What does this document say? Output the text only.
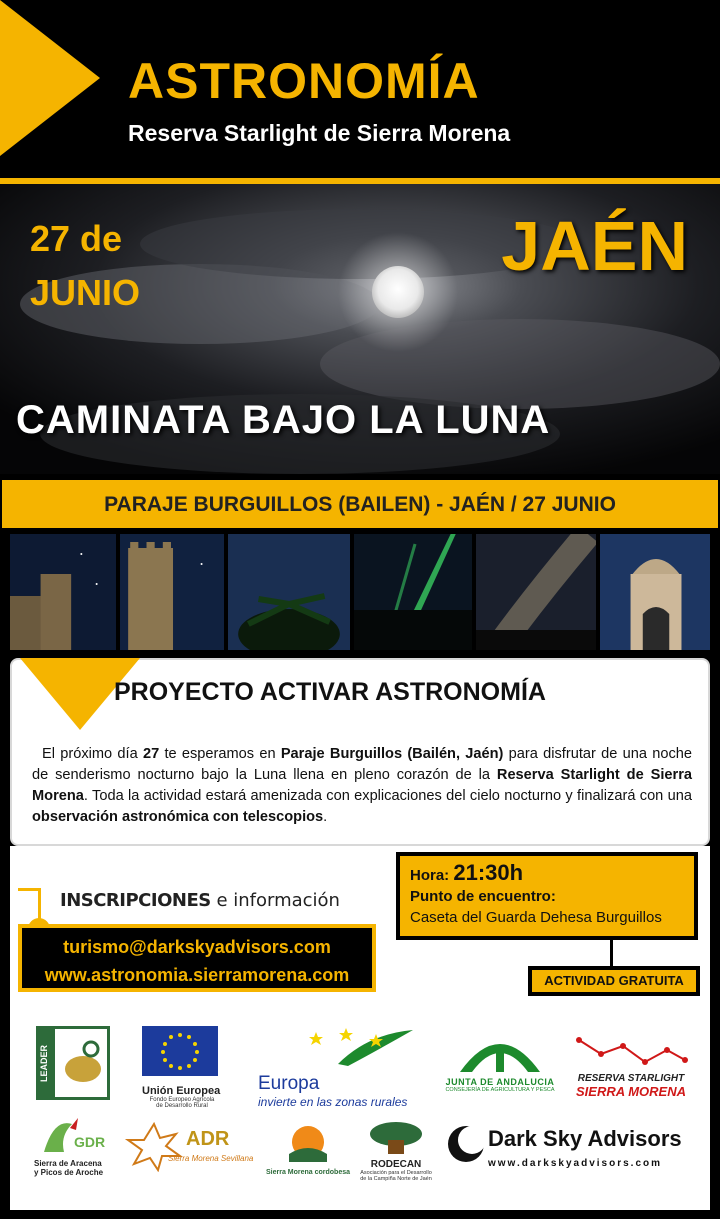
ASTRONOMÍA
Reserva Starlight de Sierra Morena
27 de
JUNIO
JAÉN
CAMINATA BAJO LA LUNA
PARAJE BURGUILLOS (BAILEN) - JAÉN / 27 JUNIO
PROYECTO ACTIVAR ASTRONOMÍA
El próximo día 27 te esperamos en Paraje Burguillos (Bailén, Jaén) para disfrutar de una noche de senderismo nocturno bajo la Luna llena en pleno corazón de la Reserva Starlight de Sierra Morena. Toda la actividad estará amenizada con explicaciones del cielo nocturno y finalizará con una observación astronómica con telescopios.
INSCRIPCIONES e información
turismo@darkskyadvisors.com
www.astronomia.sierramorena.com
Hora: 21:30h
Punto de encuentro:
Caseta del Guarda Dehesa Burguillos
ACTIVIDAD GRATUITA
LEADER
Unión Europea
Fondo Europeo Agrícola
de Desarrollo Rural
Europa
invierte en las zonas rurales
JUNTA DE ANDALUCIA
CONSEJERÍA DE AGRICULTURA Y PESCA
RESERVA STARLIGHT
SIERRA MORENA
GDR
Sierra de Aracena
y Picos de Aroche
ADR
Sierra Morena Sevillana
Sierra Morena cordobesa
RODECAN
Asociación para el Desarrollo
de la Campiña Norte de Jaén
Dark Sky Advisors
www.darkskyadvisors.com
